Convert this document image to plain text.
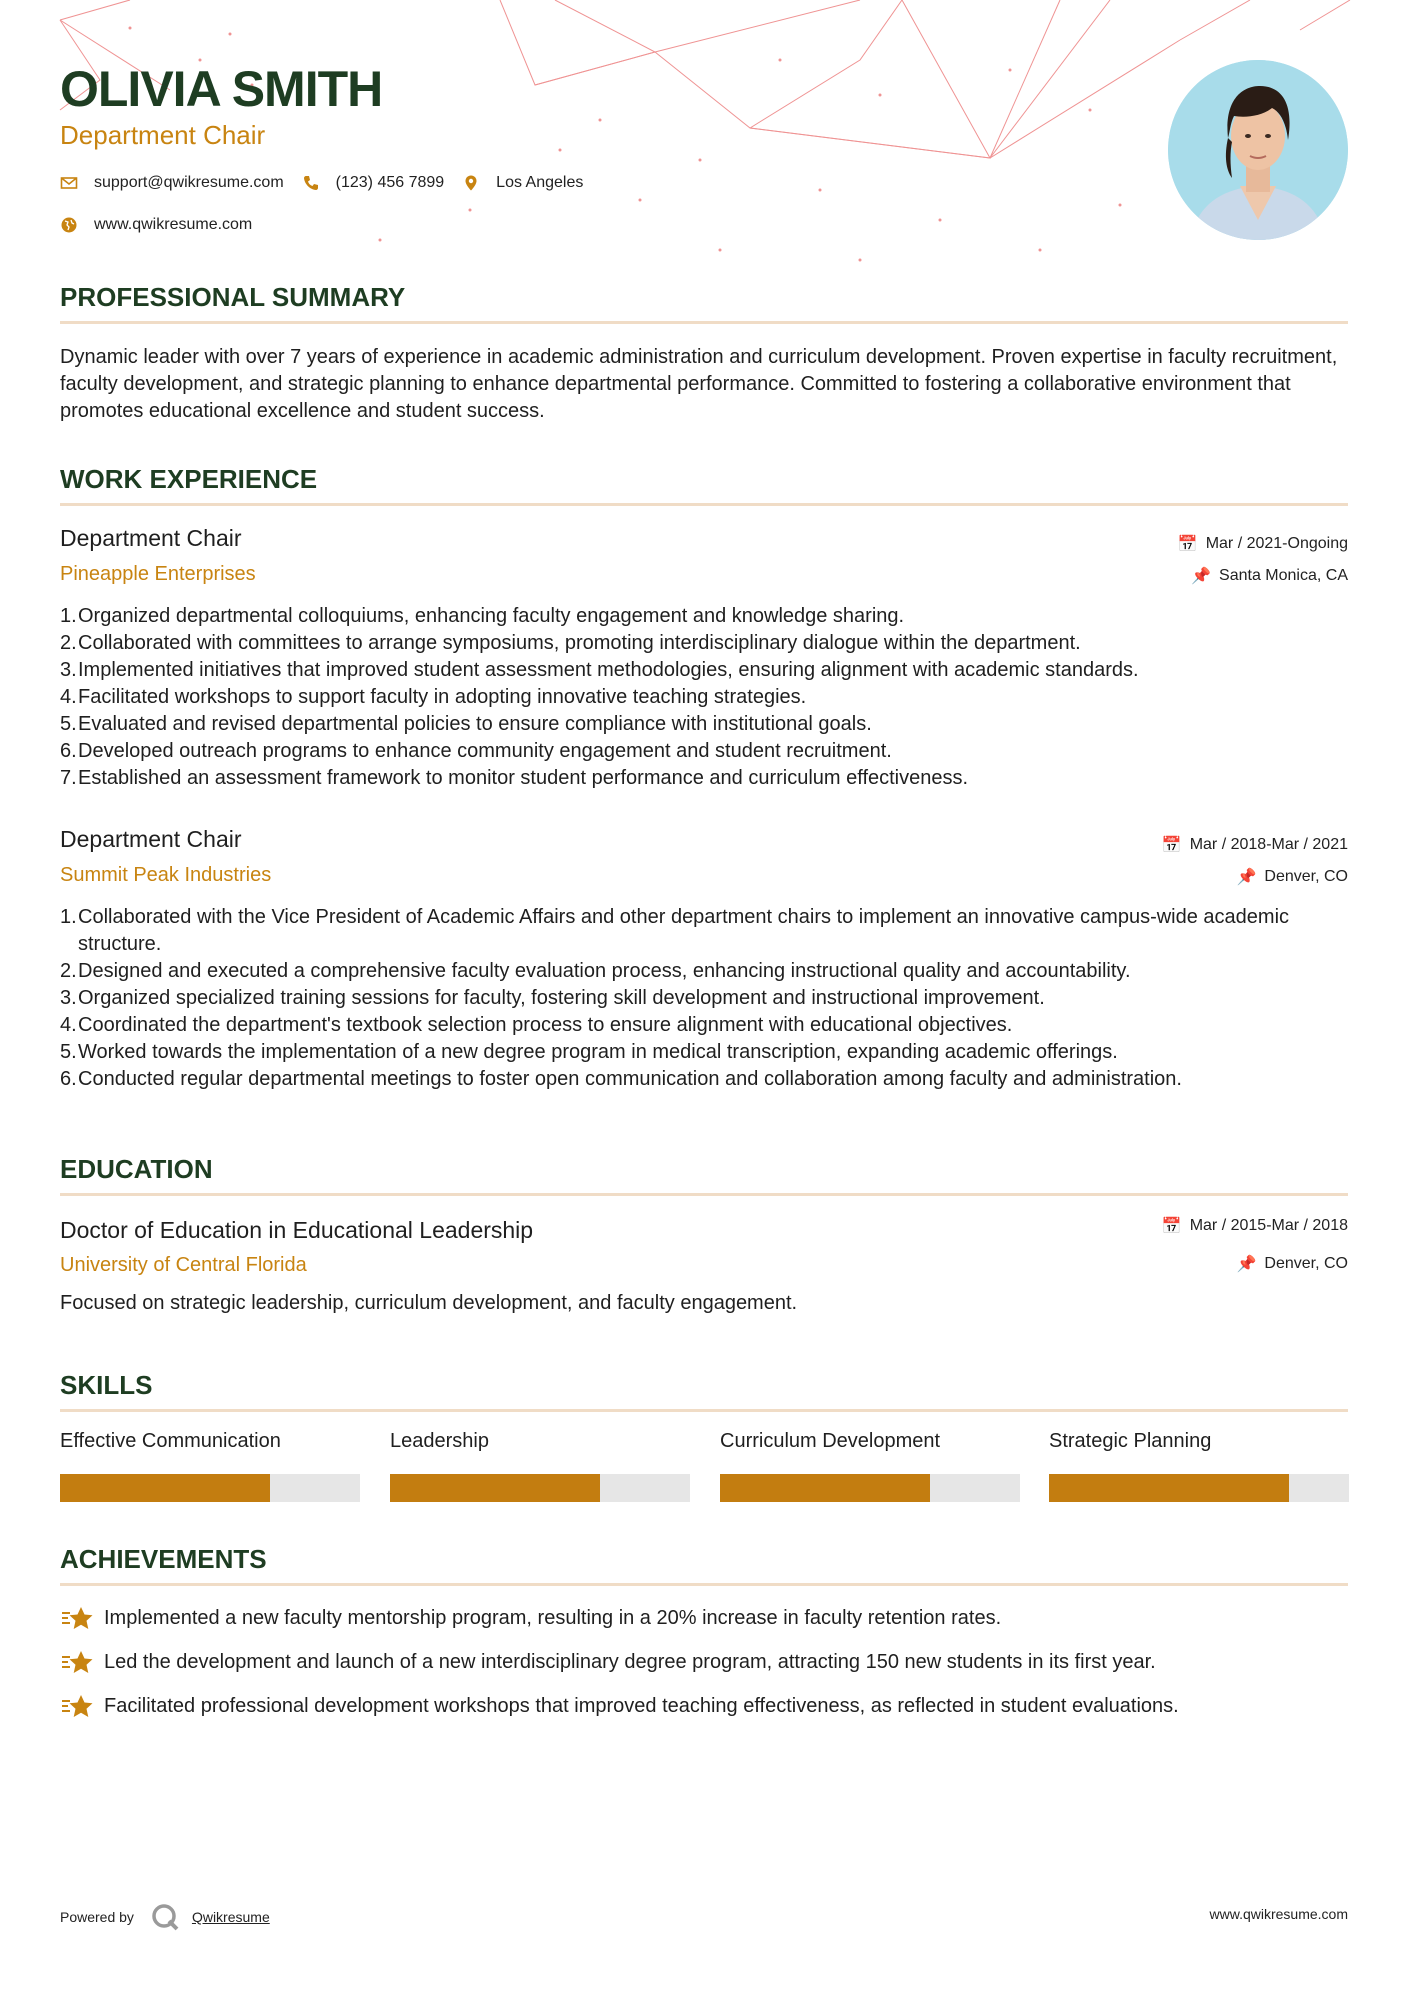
OLIVIA SMITH
Department Chair
support@qwikresume.com	(123) 456 7899	Los Angeles
www.qwikresume.com
PROFESSIONAL SUMMARY
Dynamic leader with over 7 years of experience in academic administration and curriculum development. Proven expertise in faculty recruitment, faculty development, and strategic planning to enhance departmental performance. Committed to fostering a collaborative environment that promotes educational excellence and student success.
WORK EXPERIENCE
Department Chair
Pineapple Enterprises
📅 Mar / 2021-Ongoing
📌 Santa Monica, CA
1. Organized departmental colloquiums, enhancing faculty engagement and knowledge sharing.
2. Collaborated with committees to arrange symposiums, promoting interdisciplinary dialogue within the department.
3. Implemented initiatives that improved student assessment methodologies, ensuring alignment with academic standards.
4. Facilitated workshops to support faculty in adopting innovative teaching strategies.
5. Evaluated and revised departmental policies to ensure compliance with institutional goals.
6. Developed outreach programs to enhance community engagement and student recruitment.
7. Established an assessment framework to monitor student performance and curriculum effectiveness.
Department Chair
Summit Peak Industries
📅 Mar / 2018-Mar / 2021
📌 Denver, CO
1. Collaborated with the Vice President of Academic Affairs and other department chairs to implement an innovative campus-wide academic structure.
2. Designed and executed a comprehensive faculty evaluation process, enhancing instructional quality and accountability.
3. Organized specialized training sessions for faculty, fostering skill development and instructional improvement.
4. Coordinated the department's textbook selection process to ensure alignment with educational objectives.
5. Worked towards the implementation of a new degree program in medical transcription, expanding academic offerings.
6. Conducted regular departmental meetings to foster open communication and collaboration among faculty and administration.
EDUCATION
Doctor of Education in Educational Leadership
University of Central Florida
📅 Mar / 2015-Mar / 2018
📌 Denver, CO
Focused on strategic leadership, curriculum development, and faculty engagement.
SKILLS
Effective Communication	Leadership	Curriculum Development	Strategic Planning
ACHIEVEMENTS
Implemented a new faculty mentorship program, resulting in a 20% increase in faculty retention rates.
Led the development and launch of a new interdisciplinary degree program, attracting 150 new students in its first year.
Facilitated professional development workshops that improved teaching effectiveness, as reflected in student evaluations.
Powered by	Qwikresume	www.qwikresume.com
